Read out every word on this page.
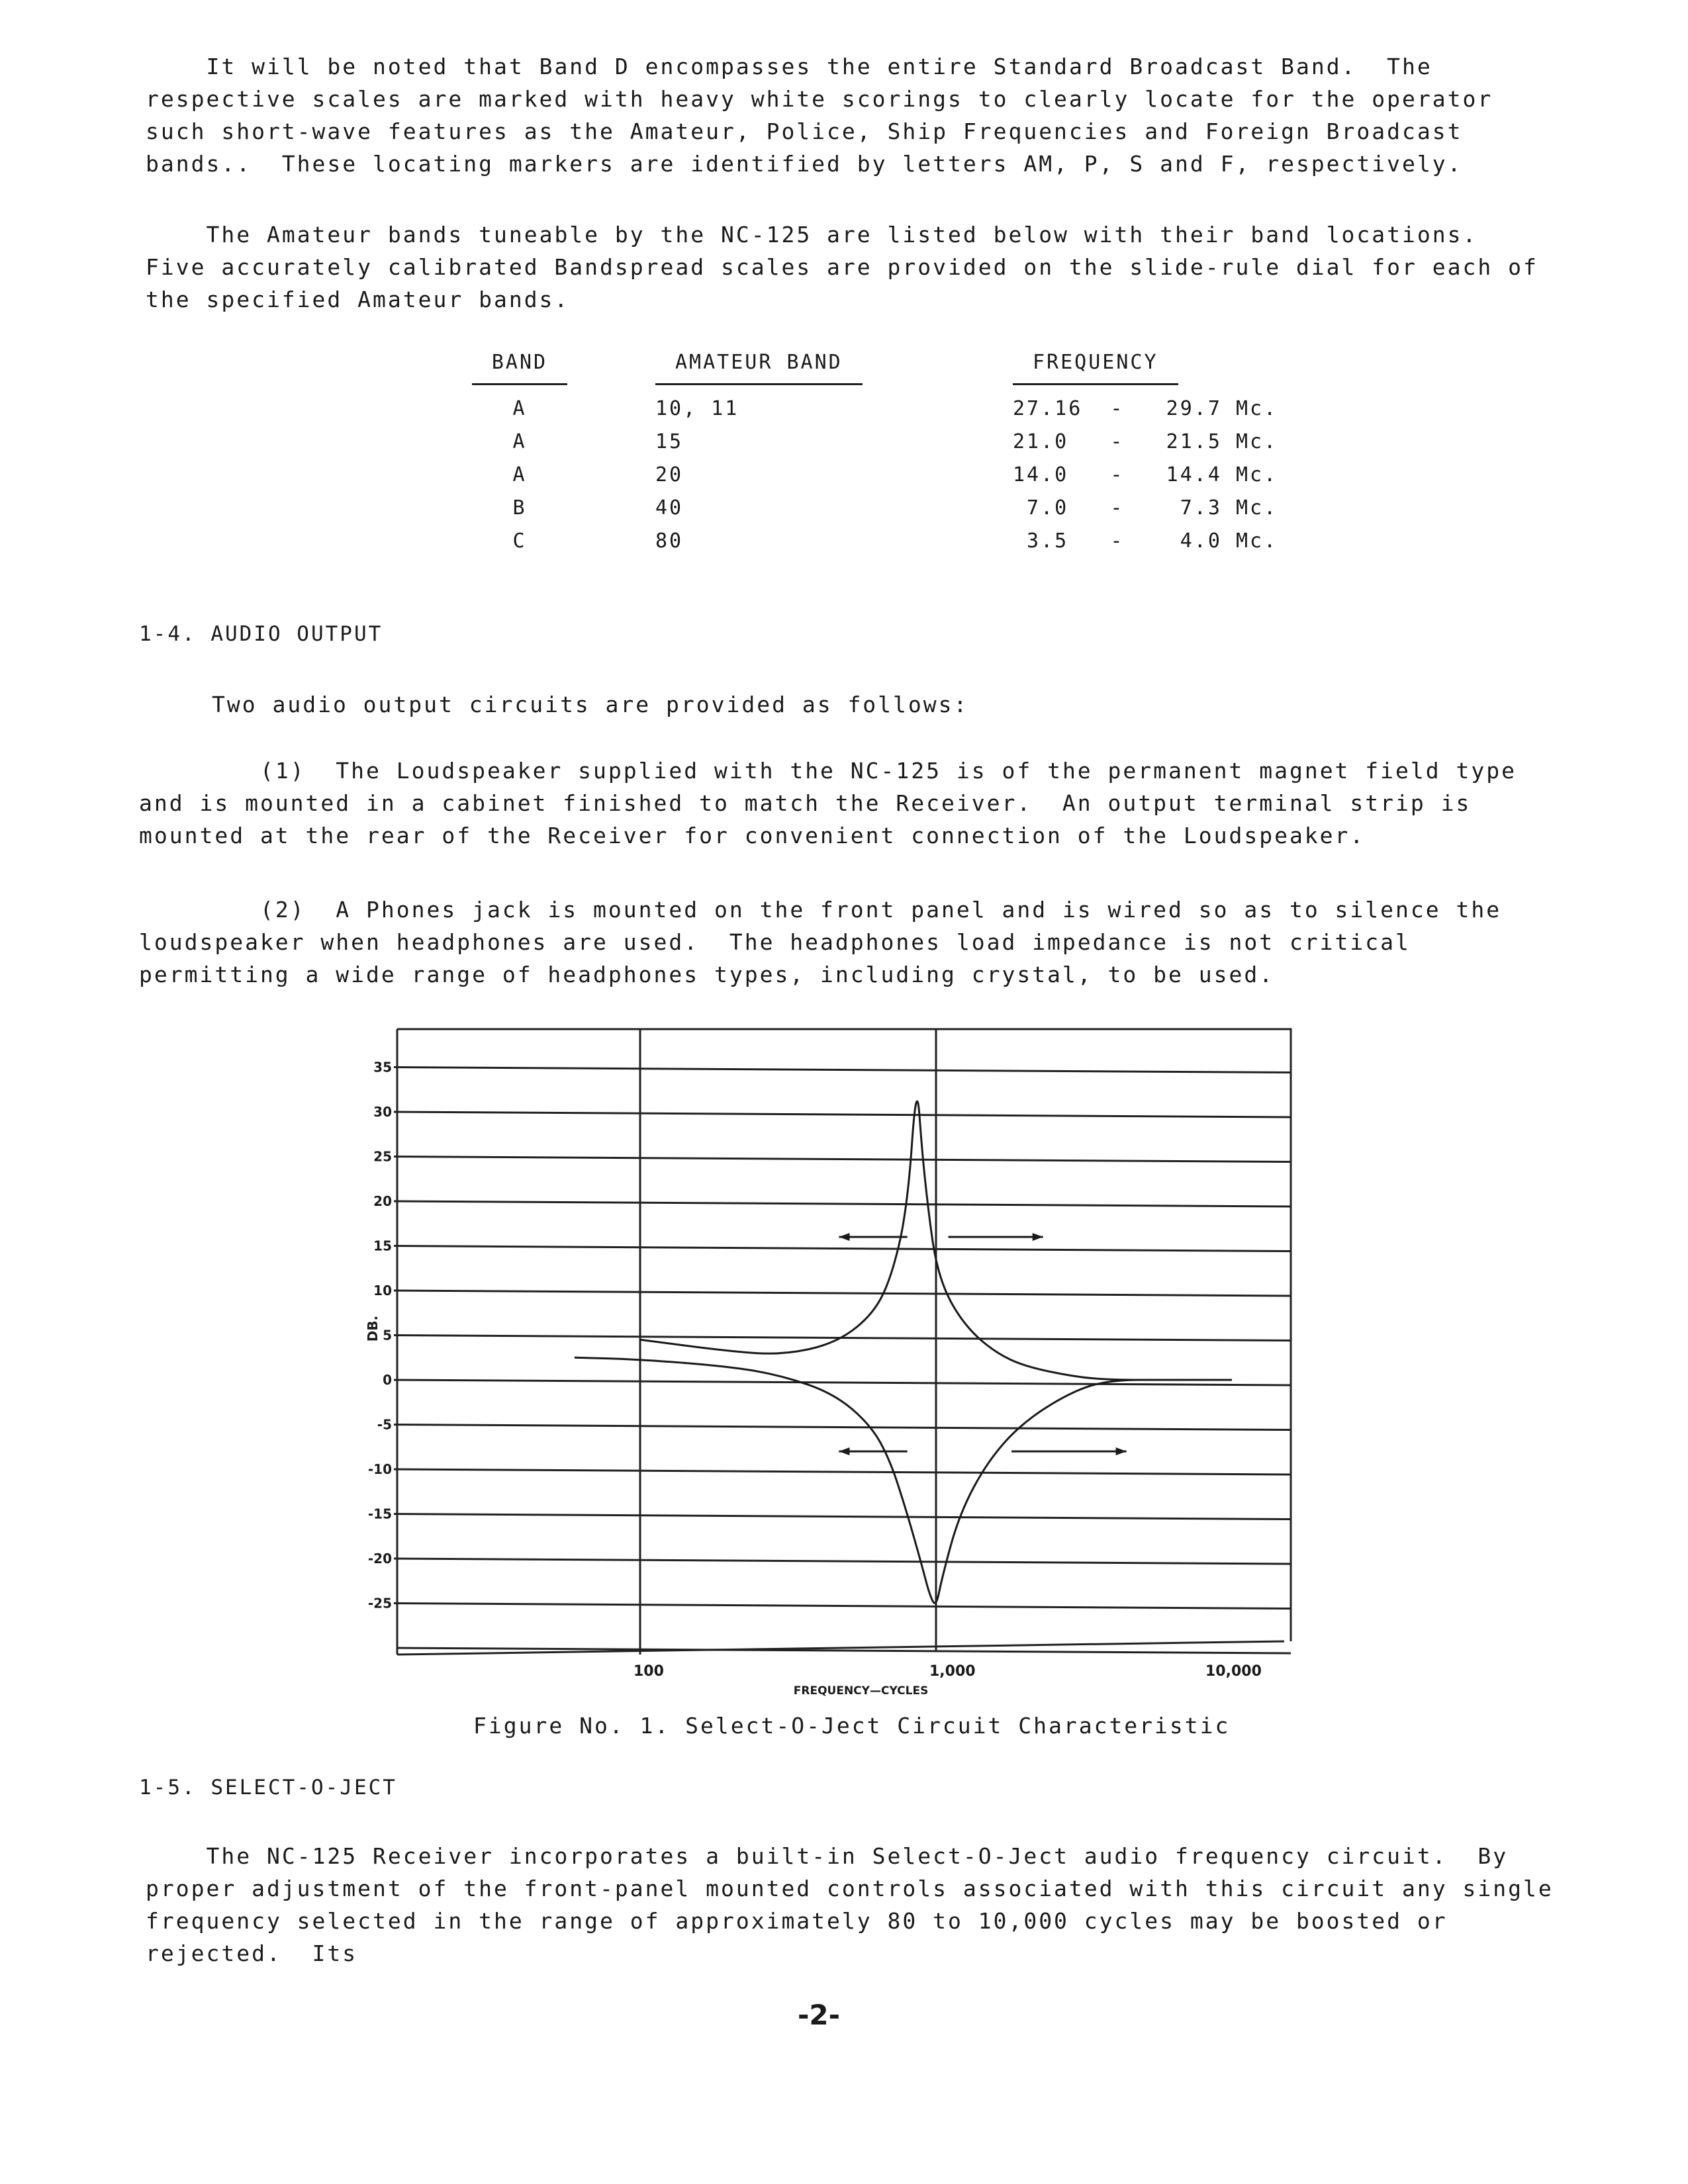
It will be noted that Band D encompasses the entire Standard Broadcast Band.  The respective scales are marked with heavy white scorings to clearly locate for the operator such short-wave features as the Amateur, Police, Ship Frequencies and Foreign Broadcast bands..  These locating markers are identified by letters AM, P, S and F, respectively.

The Amateur bands tuneable by the NC-125 are listed below with their band locations.  Five accurately calibrated Bandspread scales are provided on the slide-rule dial for each of the specified Amateur bands.

BAND	AMATEUR BAND	FREQUENCY
A	10, 11	27.16  -   29.7 Mc.
A	15	21.0   -   21.5 Mc.
A	20	14.0   -   14.4 Mc.
B	40	7.0   -    7.3 Mc.
C	80	3.5   -    4.0 Mc.
1-4. AUDIO OUTPUT

Two audio output circuits are provided as follows:

(1)  The Loudspeaker supplied with the NC-125 is of the permanent magnet field type and is mounted in a cabinet finished to match the Receiver.  An output terminal strip is mounted at the rear of the Receiver for convenient connection of the Loudspeaker.

(2)  A Phones jack is mounted on the front panel and is wired so as to silence the loudspeaker when headphones are used.  The headphones load impedance is not critical permitting a wide range of headphones types, including crystal, to be used.

35
30
25
20
15
10
5
0
-5
-10
-15
-20
-25
100	1,000	10,000
DB.
FREQUENCY—CYCLES
Figure No. 1. Select-O-Ject Circuit Characteristic
1-5. SELECT-O-JECT

The NC-125 Receiver incorporates a built-in Select-O-Ject audio frequency circuit.  By proper adjustment of the front-panel mounted controls associated with this circuit any single frequency selected in the range of approximately 80 to 10,000 cycles may be boosted or rejected.  Its

-2-
